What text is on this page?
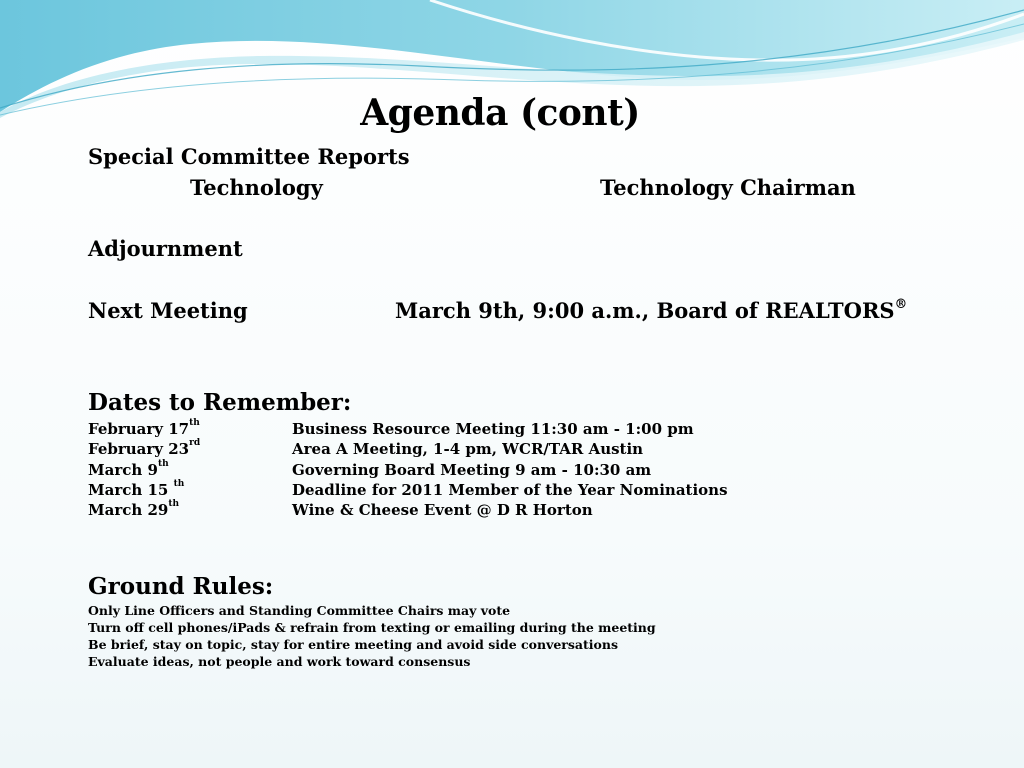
Agenda (cont)
Special Committee Reports
Technology	Technology Chairman
Adjournment
Next Meeting	March 9th, 9:00 a.m., Board of REALTORS®
Dates to Remember:
February 17th	Business Resource Meeting 11:30 am - 1:00 pm
February 23rd	Area A Meeting, 1-4 pm, WCR/TAR Austin
March 9th	Governing Board Meeting 9 am - 10:30 am
March 15 $^{th}$	Deadline for 2011 Member of the Year Nominations
March 29th	Wine & Cheese Event @ D R Horton
Ground Rules:
Only Line Officers and Standing Committee Chairs may vote
Turn off cell phones/iPads & refrain from texting or emailing during the meeting
Be brief, stay on topic, stay for entire meeting and avoid side conversations
Evaluate ideas, not people and work toward consensus
